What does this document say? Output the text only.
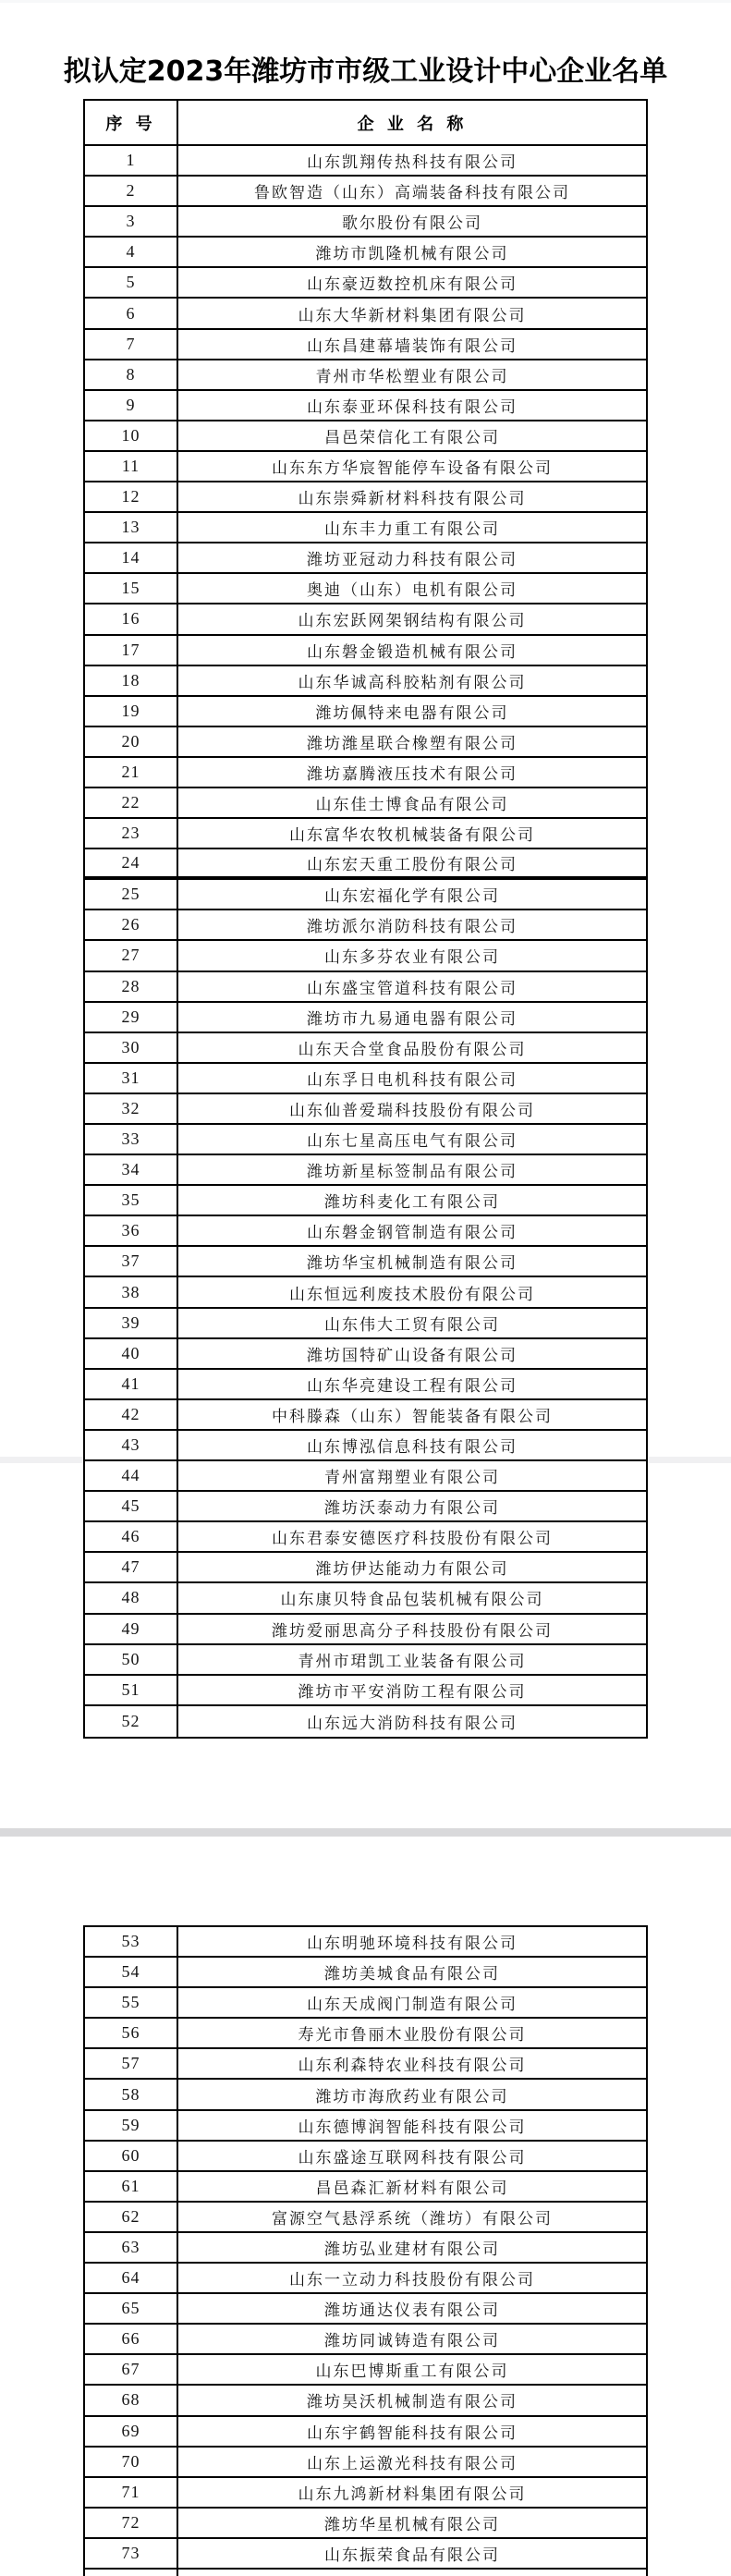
拟认定2023年潍坊市市级工业设计中心企业名单
序 号	企 业 名 称
1	山东凯翔传热科技有限公司
2	鲁欧智造（山东）高端装备科技有限公司
3	歌尔股份有限公司
4	潍坊市凯隆机械有限公司
5	山东豪迈数控机床有限公司
6	山东大华新材料集团有限公司
7	山东昌建幕墙装饰有限公司
8	青州市华松塑业有限公司
9	山东泰亚环保科技有限公司
10	昌邑荣信化工有限公司
11	山东东方华宸智能停车设备有限公司
12	山东崇舜新材料科技有限公司
13	山东丰力重工有限公司
14	潍坊亚冠动力科技有限公司
15	奥迪（山东）电机有限公司
16	山东宏跃网架钢结构有限公司
17	山东磐金锻造机械有限公司
18	山东华诚高科胶粘剂有限公司
19	潍坊佩特来电器有限公司
20	潍坊潍星联合橡塑有限公司
21	潍坊嘉腾液压技术有限公司
22	山东佳士博食品有限公司
23	山东富华农牧机械装备有限公司
24	山东宏天重工股份有限公司
25	山东宏福化学有限公司
26	潍坊派尔消防科技有限公司
27	山东多芬农业有限公司
28	山东盛宝管道科技有限公司
29	潍坊市九易通电器有限公司
30	山东天合堂食品股份有限公司
31	山东孚日电机科技有限公司
32	山东仙普爱瑞科技股份有限公司
33	山东七星高压电气有限公司
34	潍坊新星标签制品有限公司
35	潍坊科麦化工有限公司
36	山东磐金钢管制造有限公司
37	潍坊华宝机械制造有限公司
38	山东恒远利废技术股份有限公司
39	山东伟大工贸有限公司
40	潍坊国特矿山设备有限公司
41	山东华亮建设工程有限公司
42	中科滕森（山东）智能装备有限公司
43	山东博泓信息科技有限公司
44	青州富翔塑业有限公司
45	潍坊沃泰动力有限公司
46	山东君泰安德医疗科技股份有限公司
47	潍坊伊达能动力有限公司
48	山东康贝特食品包装机械有限公司
49	潍坊爱丽思高分子科技股份有限公司
50	青州市珺凯工业装备有限公司
51	潍坊市平安消防工程有限公司
52	山东远大消防科技有限公司
53	山东明驰环境科技有限公司
54	潍坊美城食品有限公司
55	山东天成阀门制造有限公司
56	寿光市鲁丽木业股份有限公司
57	山东利森特农业科技有限公司
58	潍坊市海欣药业有限公司
59	山东德博润智能科技有限公司
60	山东盛途互联网科技有限公司
61	昌邑森汇新材料有限公司
62	富源空气悬浮系统（潍坊）有限公司
63	潍坊弘业建材有限公司
64	山东一立动力科技股份有限公司
65	潍坊通达仪表有限公司
66	潍坊同诚铸造有限公司
67	山东巴博斯重工有限公司
68	潍坊昊沃机械制造有限公司
69	山东宇鹤智能科技有限公司
70	山东上运激光科技有限公司
71	山东九鸿新材料集团有限公司
72	潍坊华星机械有限公司
73	山东振荣食品有限公司
